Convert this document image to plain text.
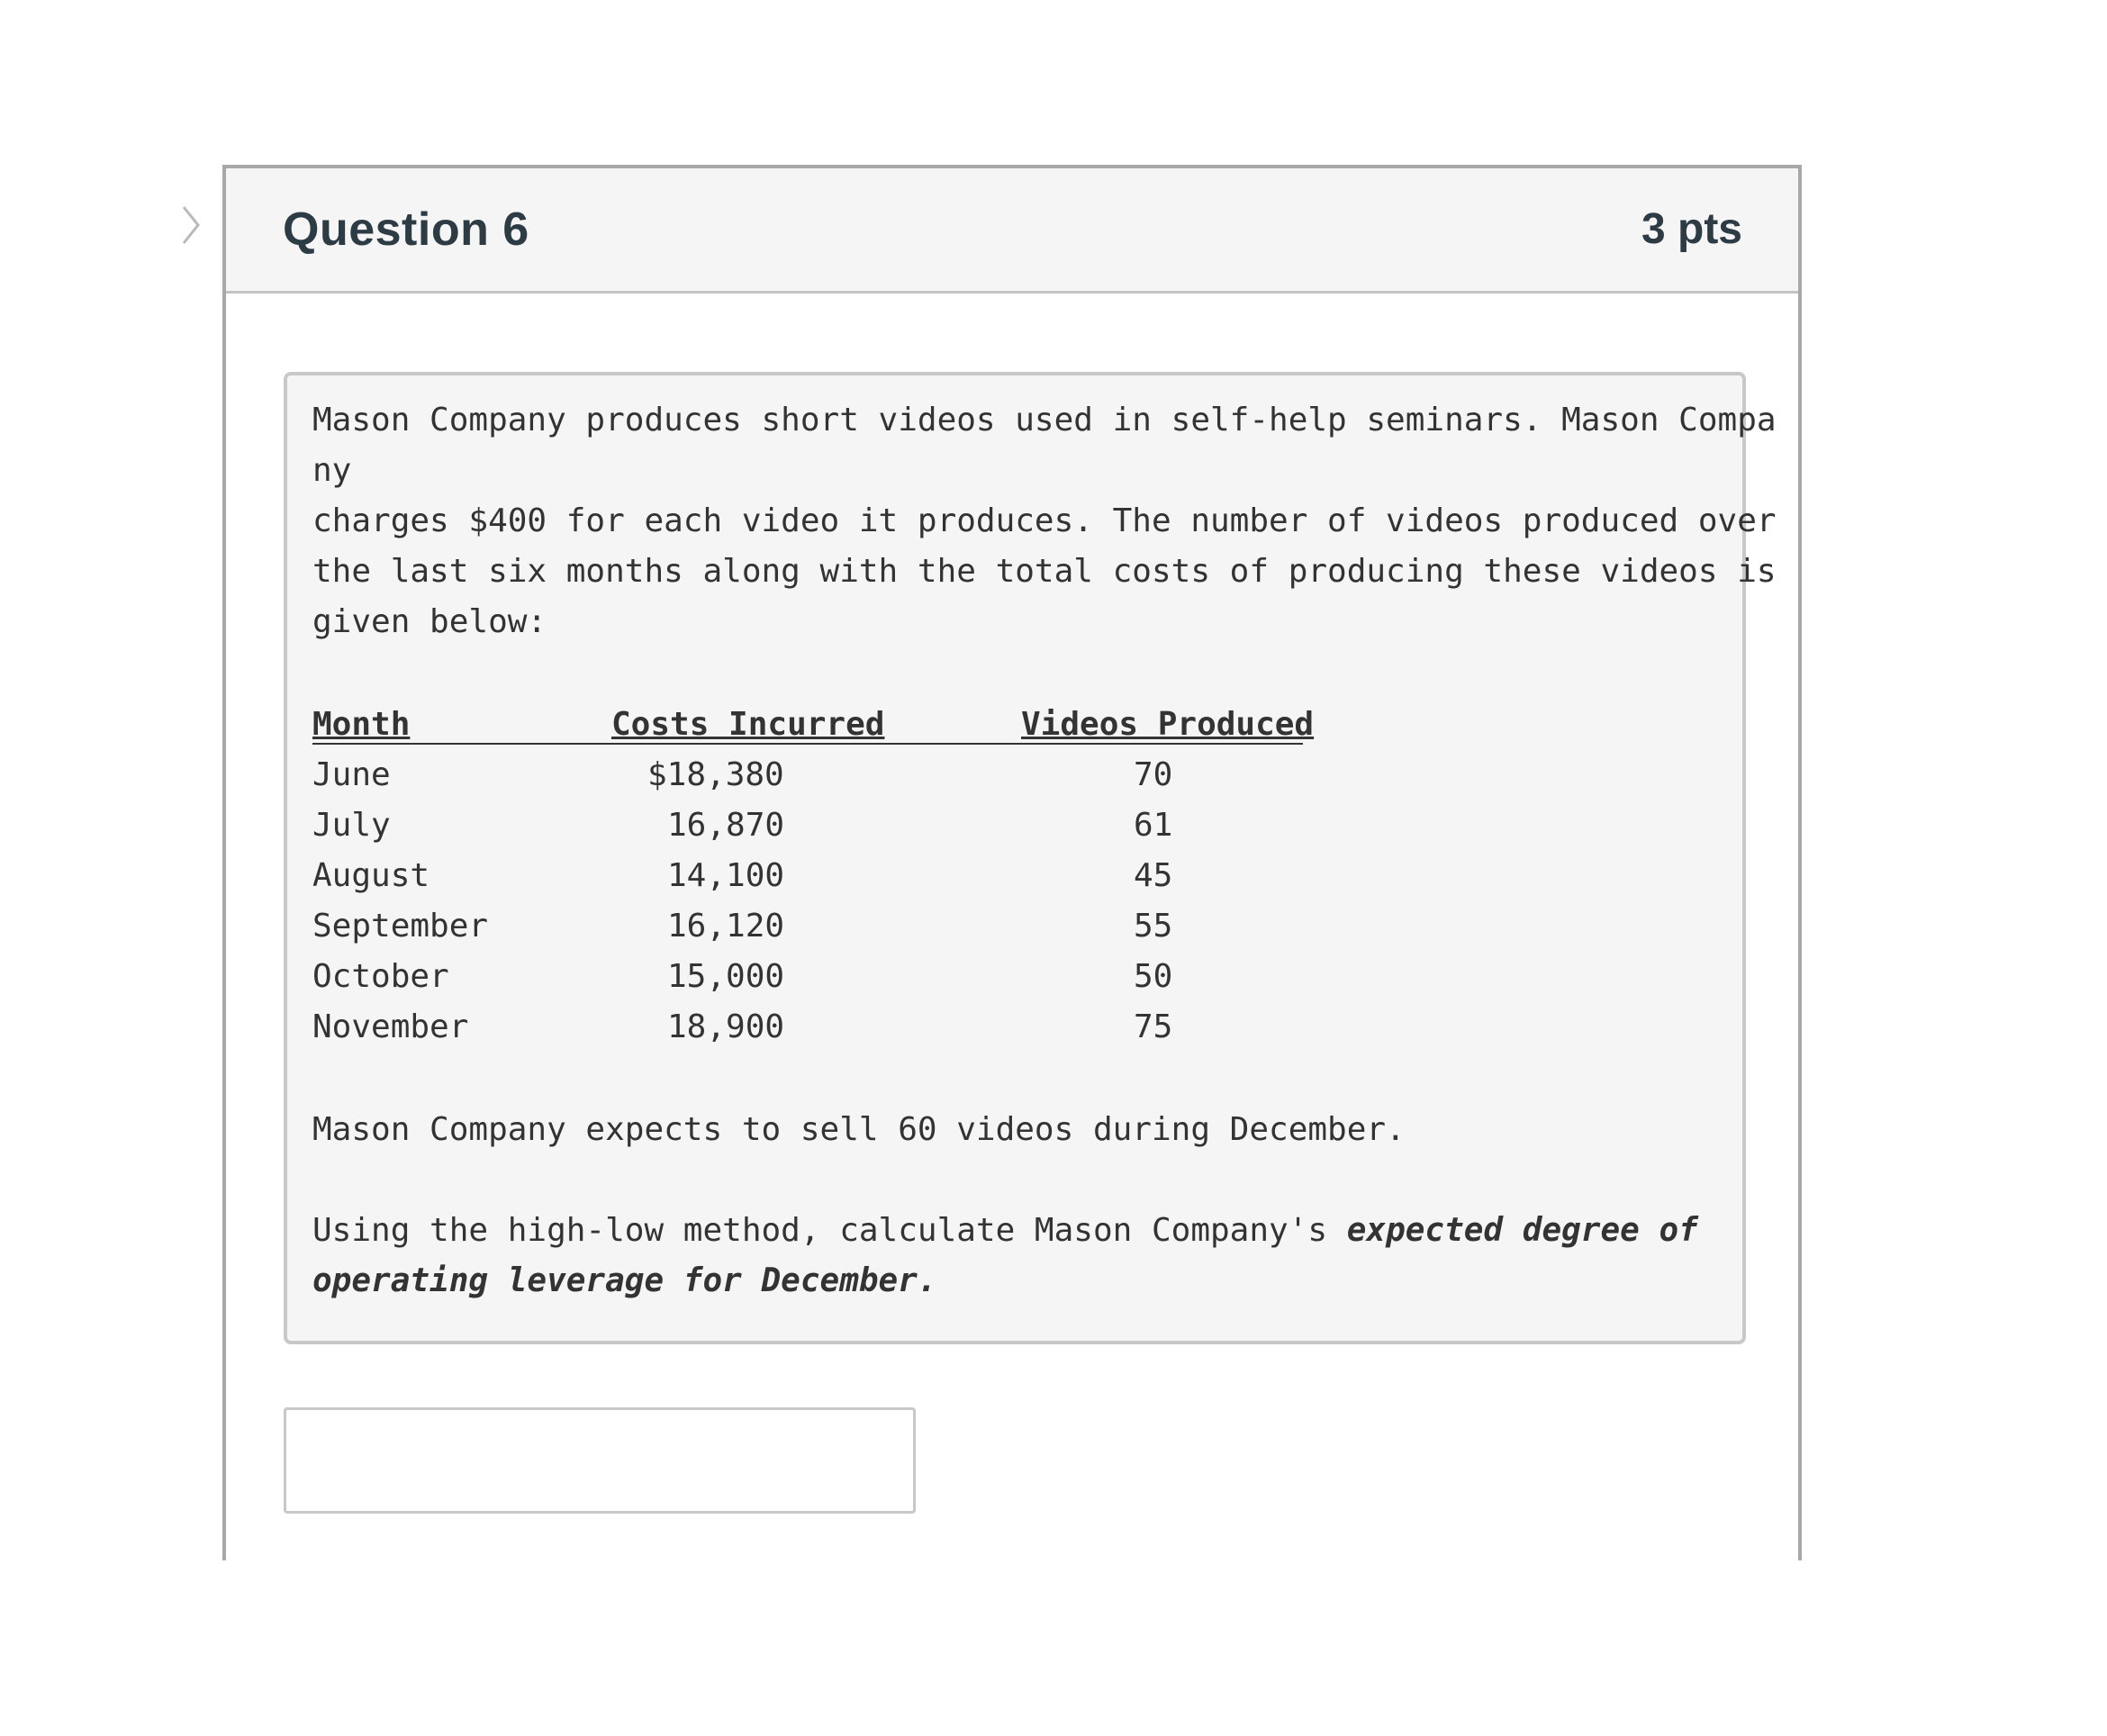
Question 6	3 pts
Mason Company produces short videos used in self-help seminars. Mason Compa
ny
charges $400 for each video it produces. The number of videos produced over
the last six months along with the total costs of producing these videos is
given below:
Month	Costs Incurred	Videos Produced
June	$18,380	70
July	16,870	61
August	14,100	45
September	16,120	55
October	15,000	50
November	18,900	75
Mason Company expects to sell 60 videos during December.
Using the high-low method, calculate Mason Company's expected degree of
operating leverage for December.
